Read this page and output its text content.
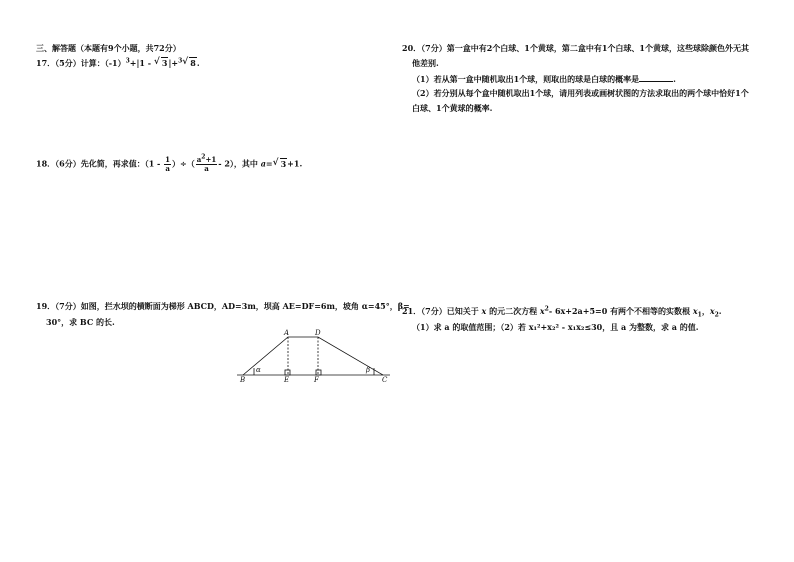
三、解答题（本题有9个小题，共72分）
17．（5分）计算：$(-1)^3+|1$ - √ 3|+$^3$ √ 8.
18．（6分）先化简，再求值：（$1 - \frac{1}{a}$ ）÷（ $\frac{a^2+1}{a} - 2$），其中 a= √ 3+1.
19．（7分）如图，拦水坝的横断面为梯形 ABCD，AD=3m，坝高 AE=DF=6m，坡角 α=45°，β=
30°，求 BC 的长.
A	D
B	E	F	C
α	β
20．（7分）第一盒中有2个白球、1个黄球，第二盒中有1个白球、1个黄球，这些球除颜色外无其
他差别.
（1）若从第一盒中随机取出1个球，则取出的球是白球的概率是	.
（2）若分别从每个盒中随机取出1个球，请用列表或画树状图的方法求取出的两个球中恰好1个
白球、1个黄球的概率.
21．（7分）已知关于 x 的元二次方程 $x^2-$ 6x+2a+5=0 有两个不相等的实数根 $x_1$，$x_2$.
（1）求 a 的取值范围；（2）若 x₁²+x₂² - x₁x₂≤30，且 a 为整数，求 a 的值.
